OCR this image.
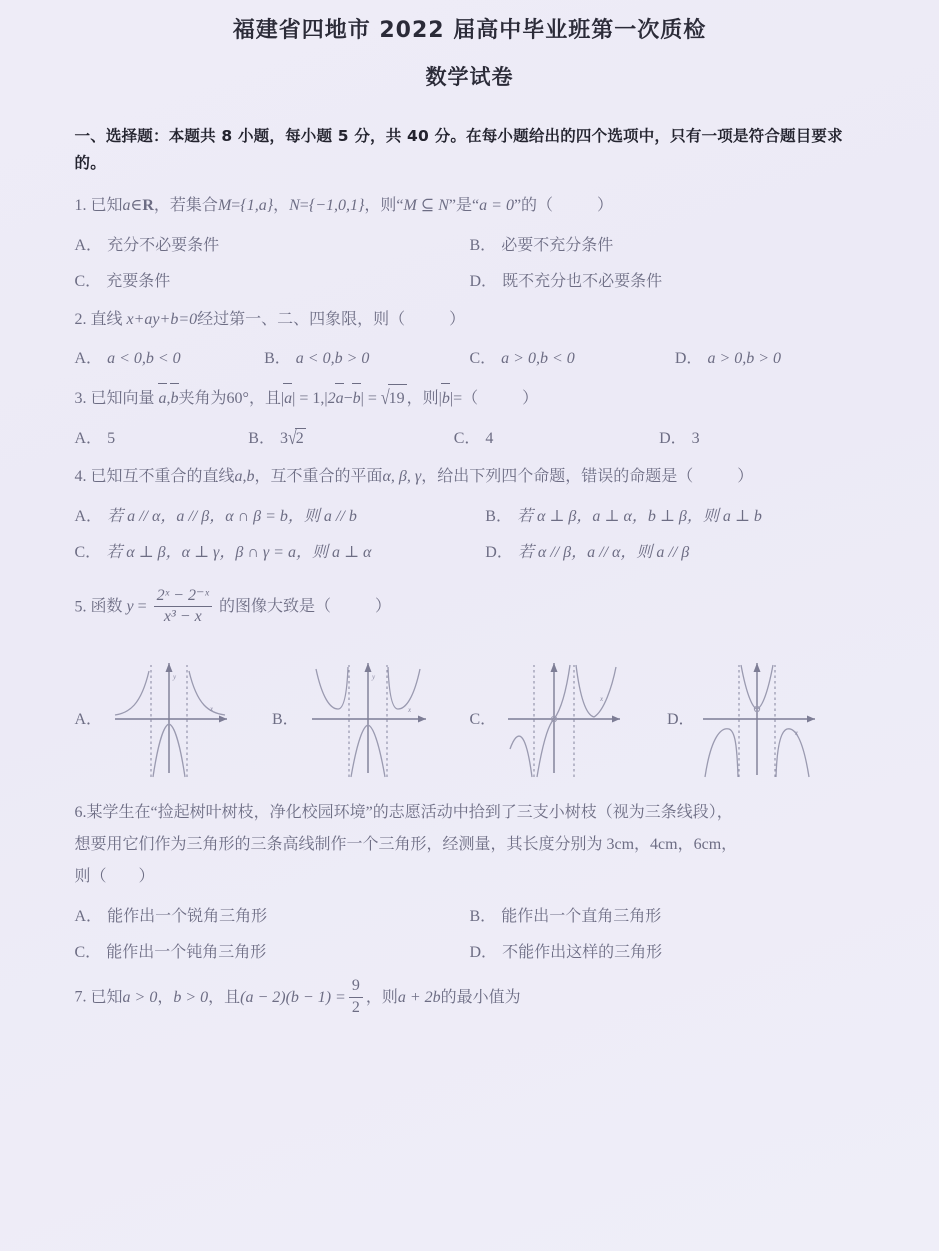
福建省四地市 2022 届高中毕业班第一次质检
数学试卷
一、选择题：本题共 8 小题，每小题 5 分，共 40 分。在每小题给出的四个选项中，只有一项是符合题目要求的。
1. 已知a∈R，若集合M={1,a}，N={−1,0,1}，则“M ⊆ N”是“a = 0”的（	）
A． 充分不必要条件	B． 必要不充分条件
C． 充要条件	D． 既不充分也不必要条件
2. 直线 x+ay+b=0经过第一、二、四象限，则（	）
A． a < 0,b < 0	B． a < 0,b > 0	C． a > 0,b < 0	D． a > 0,b > 0
3. 已知向量 a,b夹角为60°，且|a| = 1,|2a−b| = √19 ，则|b|=（	）
A． 5	B． 3√2	C． 4	D． 3
4. 已知互不重合的直线a,b，互不重合的平面α, β, γ，给出下列四个命题，错误的命题是（	）
A． 若 a // α，a // β，α ∩ β = b，则 a // b	B． 若 α ⊥ β，a ⊥ α，b ⊥ β，则 a ⊥ b
C． 若 α ⊥ β，α ⊥ γ，β ∩ γ = a，则 a ⊥ α	D． 若 α // β，a // α，则 a // β
5. 函数 $y = \frac{\text{2ˣ − 2⁻ˣ}}{\text{x³ − x}}$ 的图像大致是（	）
A．
x
y
B．
x
y
C．
x
D．
x
6.某学生在“捡起树叶树枝，净化校园环境”的志愿活动中拾到了三支小树枝（视为三条线段），
想要用它们作为三角形的三条高线制作一个三角形，经测量，其长度分别为 3cm，4cm，6cm，
则（　　）
A． 能作出一个锐角三角形	B． 能作出一个直角三角形
C． 能作出一个钝角三角形	D． 不能作出这样的三角形
7. 已知a > 0，b > 0，且$(a - 2)(b - 1) = \frac{9}{2}$ ，则a + 2b的最小值为
